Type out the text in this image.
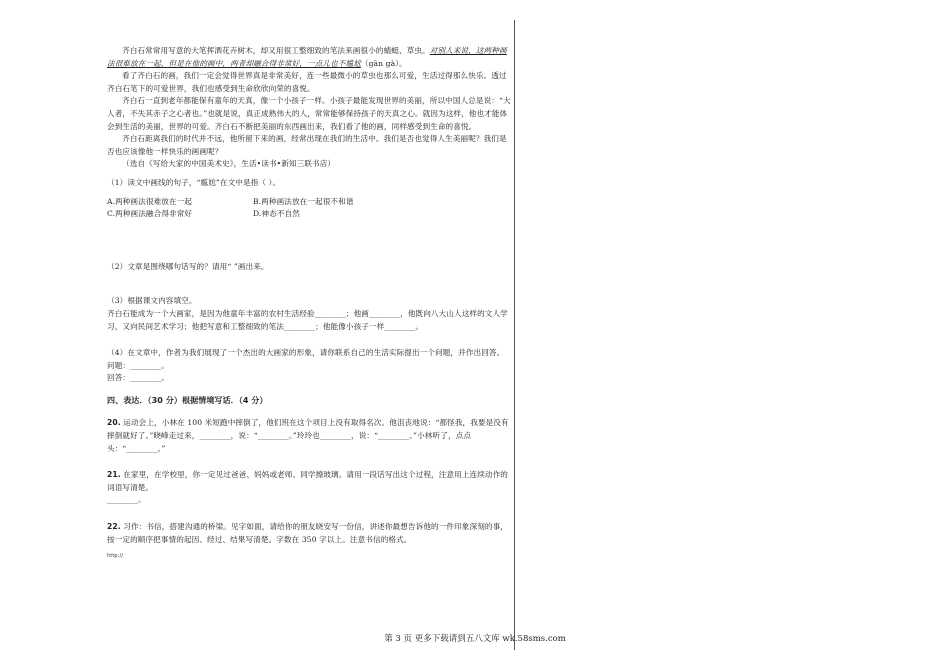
齐白石常常用写意的大笔挥洒花卉树木，却又用很工整细致的笔法来画很小的蜻蜓、草虫。对别人来说，这两种画法很难放在一起，但是在他的画中，两者却融合得非常好，一点儿也不尴尬（gān gà）。

看了齐白石的画，我们一定会觉得世界真是非常美好，连一些最微小的草虫也那么可爱，生活过得那么快乐。透过齐白石笔下的可爱世界，我们也感受到生命欣欣向荣的喜悦。

齐白石一直到老年都能保有童年的天真，像一个小孩子一样。小孩子最能发现世界的美丽，所以中国人总是说：“大人者，不失其赤子之心者也。”也就是说，真正成熟伟大的人，常常能够保持孩子的天真之心。就因为这样，他也才能体会到生活的美丽，世界的可爱。齐白石不断把美丽的东西画出来，我们看了他的画，同样感受到生命的喜悦。

齐白石距离我们的时代并不远，他所留下来的画，经常出现在我们的生活中。我们是否也觉得人生美丽呢？我们是否也应该像他一样快乐的画画呢？

（选自《写给大家的中国美术史》，生活•读书•新知三联书店）

（1）读文中画线的句子，“尴尬”在文中是指（ ）。

A.两种画法很难放在一起	B.两种画法放在一起很不和谐
C.两种画法融合得非常好	D.神态不自然

（2）文章是围绕哪句话写的？请用“ ”画出来。

（3）根据课文内容填空。

齐白石能成为一个大画家，是因为他童年丰富的农村生活经验________；他画________，他既向八大山人这样的文人学习，又向民间艺术学习；他把写意和工整细致的笔法________；他能像小孩子一样________。

（4）在文章中，作者为我们展现了一个杰出的大画家的形象，请你联系自己的生活实际提出一个问题，并作出回答。

问题：________。

回答：________。

四、表达．（30 分）根据情境写话．（4 分）

20. 运动会上，小林在 100 米短跑中摔倒了，他们班在这个项目上没有取得名次。他沮丧地说：“都怪我，我要是没有摔倒就好了。”晓峰走过来，________，说：“________。”玲玲也________，说：“________。”小林听了，点点头：“________。”

21. 在家里，在学校里，你一定见过爸爸、妈妈或老师、同学擦玻璃。请用一段话写出这个过程，注意用上连续动作的词语写清楚。

________。

22. 习作：书信，搭建沟通的桥梁。见字如面，请给你的朋友晓安写一份信，讲述你最想告诉他的一件印象深刻的事，按一定的顺序把事情的起因、经过、结果写清楚。字数在 350 字以上。注意书信的格式。

http://

第 3 页 更多下载请到五八文库 wk.58sms.com
